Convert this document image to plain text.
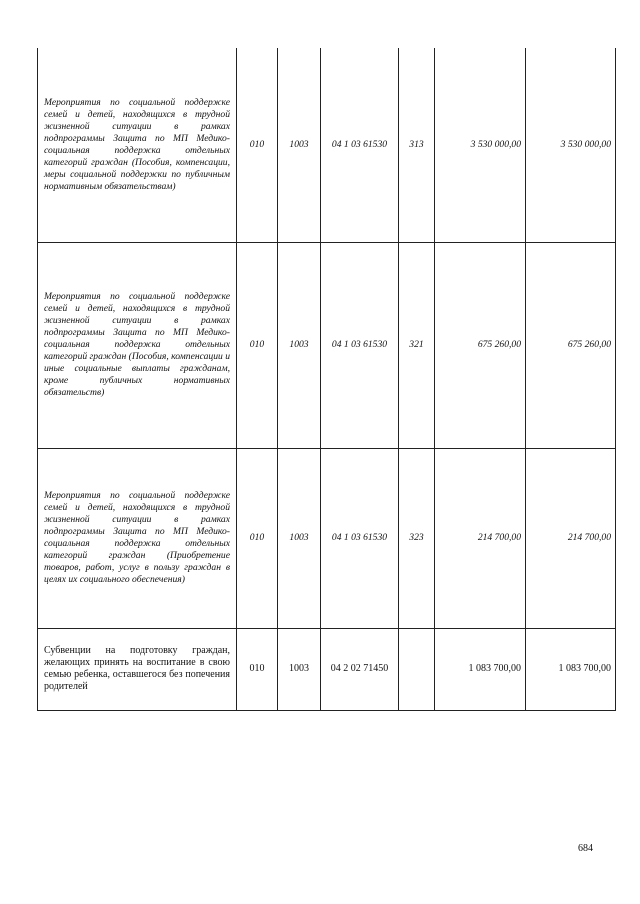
Мероприятия по социальной поддержке семей и детей, находящихся в трудной жизненной ситуации в рамках подпрограммы Защита по МП Медико-социальная поддержка отдельных категорий граждан (Пособия, компенсации, меры социальной поддержки по публичным нормативным обязательствам)	010	1003	04 1 03 61530	313	3 530 000,00	3 530 000,00
Мероприятия по социальной поддержке семей и детей, находящихся в трудной жизненной ситуации в рамках подпрограммы Защита по МП Медико-социальная поддержка отдельных категорий граждан (Пособия, компенсации и иные социальные выплаты гражданам, кроме публичных нормативных обязательств)	010	1003	04 1 03 61530	321	675 260,00	675 260,00
Мероприятия по социальной поддержке семей и детей, находящихся в трудной жизненной ситуации в рамках подпрограммы Защита по МП Медико-социальная поддержка отдельных категорий граждан (Приобретение товаров, работ, услуг в пользу граждан в целях их социального обеспечения)	010	1003	04 1 03 61530	323	214 700,00	214 700,00
Субвенции на подготовку граждан, желающих принять на воспитание в свою семью ребенка, оставшегося без попечения родителей	010	1003	04 2 02 71450		1 083 700,00	1 083 700,00
684
